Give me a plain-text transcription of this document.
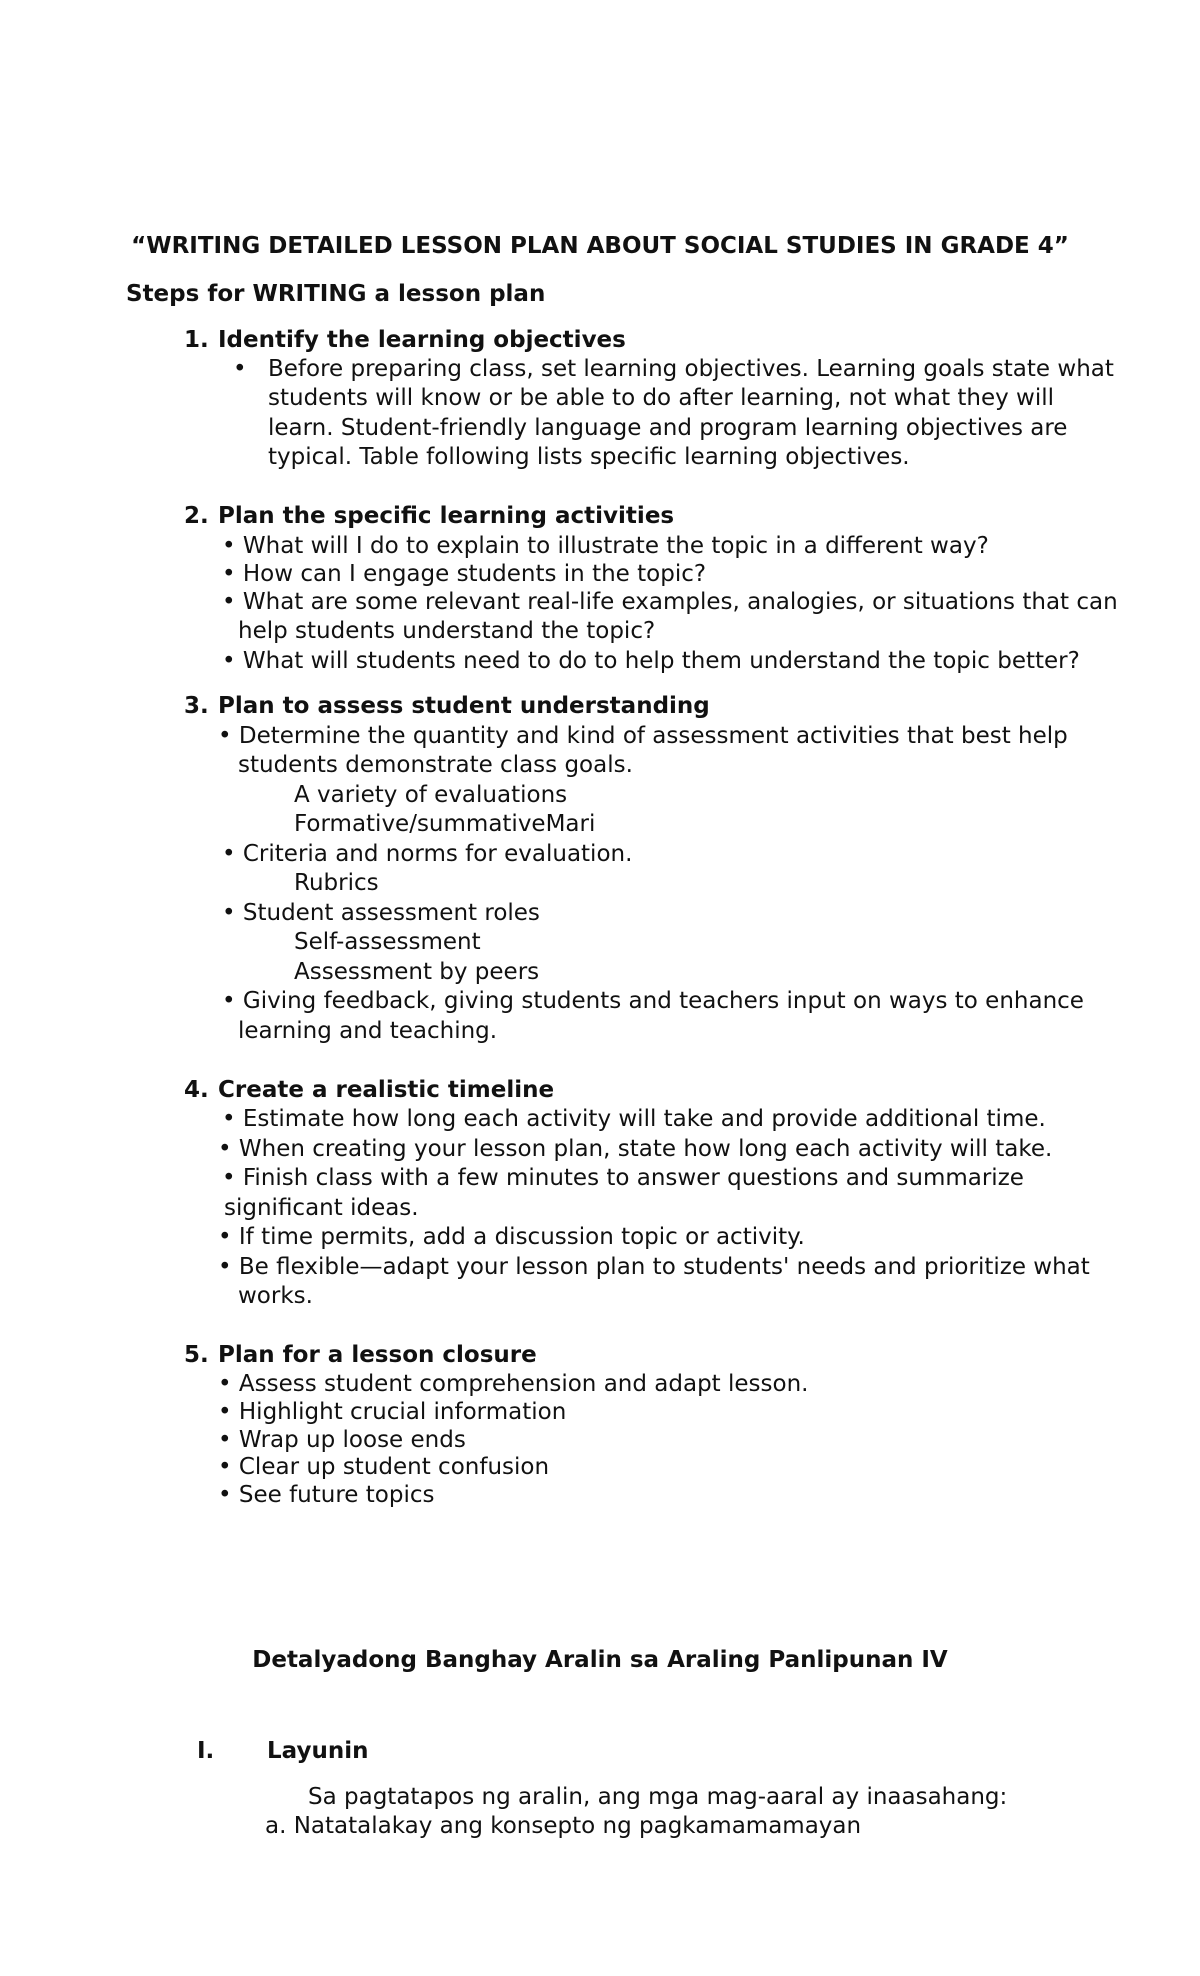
“WRITING DETAILED LESSON PLAN ABOUT SOCIAL STUDIES IN GRADE 4”
Steps for WRITING a lesson plan
1. Identify the learning objectives
• Before preparing class, set learning objectives. Learning goals state what
students will know or be able to do after learning, not what they will
learn. Student-friendly language and program learning objectives are
typical. Table following lists specific learning objectives.
2. Plan the specific learning activities
• What will I do to explain to illustrate the topic in a different way?
• How can I engage students in the topic?
• What are some relevant real-life examples, analogies, or situations that can
help students understand the topic?
• What will students need to do to help them understand the topic better?
3. Plan to assess student understanding
• Determine the quantity and kind of assessment activities that best help
students demonstrate class goals.
A variety of evaluations
Formative/summativeMari
• Criteria and norms for evaluation.
Rubrics
• Student assessment roles
Self-assessment
Assessment by peers
• Giving feedback, giving students and teachers input on ways to enhance
learning and teaching.
4. Create a realistic timeline
• Estimate how long each activity will take and provide additional time.
• When creating your lesson plan, state how long each activity will take.
• Finish class with a few minutes to answer questions and summarize
significant ideas.
• If time permits, add a discussion topic or activity.
• Be flexible—adapt your lesson plan to students' needs and prioritize what
works.
5. Plan for a lesson closure
• Assess student comprehension and adapt lesson.
• Highlight crucial information
• Wrap up loose ends
• Clear up student confusion
• See future topics
Detalyadong Banghay Aralin sa Araling Panlipunan IV
I. Layunin
Sa pagtatapos ng aralin, ang mga mag-aaral ay inaasahang:
a. Natatalakay ang konsepto ng pagkamamamayan
